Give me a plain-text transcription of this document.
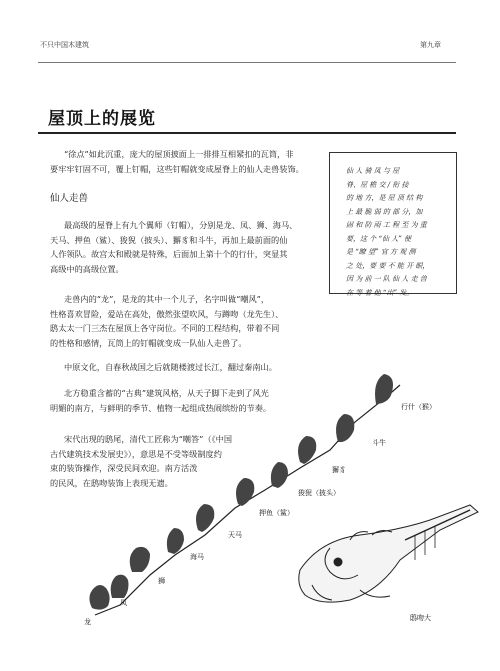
不只中国木建筑	第九章
屋顶上的展览
“徐点”如此沉重，庞大的屋顶披面上一排排互相紧扣的瓦筒，非
要牢牢钉固不可，覆上钉帽，这些钉帽就变成屋脊上的仙人走兽装饰。
仙人走兽
最高级的屋脊上有九个翼师（钉帽），分别是龙、凤、狮、海马、
天马、押鱼（鲨）、狻猊（披头）、獬豸和斗牛，再加上最前面的仙
人作领队。故宫太和殿就是特殊，后面加上第十个的行什，突显其
高级中的高级位置。
走兽内的“龙”，是龙的其中一个儿子，名字叫做“嘲风”，
性格喜欢冒险，爱站在高处，傲然张望吹风，与蹲吻（龙先生）、
鸱太太一门三杰在屋顶上各守岗位。不同的工程结构，带着不同
的性格和感情，瓦筒上的钉帽就变成一队仙人走兽了。
中原文化，自春秋战国之后就随楼渡过长江，翻过秦南山。
北方稳重含蓄的“古典”建筑风格，从天子脚下走到了风光
明媚的南方，与鲜明的季节、植物一起组成热闹缤纷的节奏。
宋代出现的鸱尾，清代工匠称为“嘲答”（《中国
古代建筑技术发展史》），意思是不受等级制度约
束的装饰操作，深受民间欢迎。南方活泼
的民风，在鸱吻装饰上表现无遗。
仙 人 骑 凤 与 屋
脊、屋 檐 交 / 衔 接
的 地 方，是 屋 顶 结 构
上 最 脆 弱 的 部 分，加
固 和 防 雨 工 程 至 为 重
要，这 个 “仙 人” 便
是 “瞭 望” 官 方 观 测
之 处，要 要 不 能 开 眼，
因 为 前 一 队 仙 人 走 兽
在 等 着 他 “出” 发。
行什（猴）
斗牛
獬豸
狻猊（披头）
押鱼（鲨）
天马
海马
狮
凤
龙	鸱吻大
